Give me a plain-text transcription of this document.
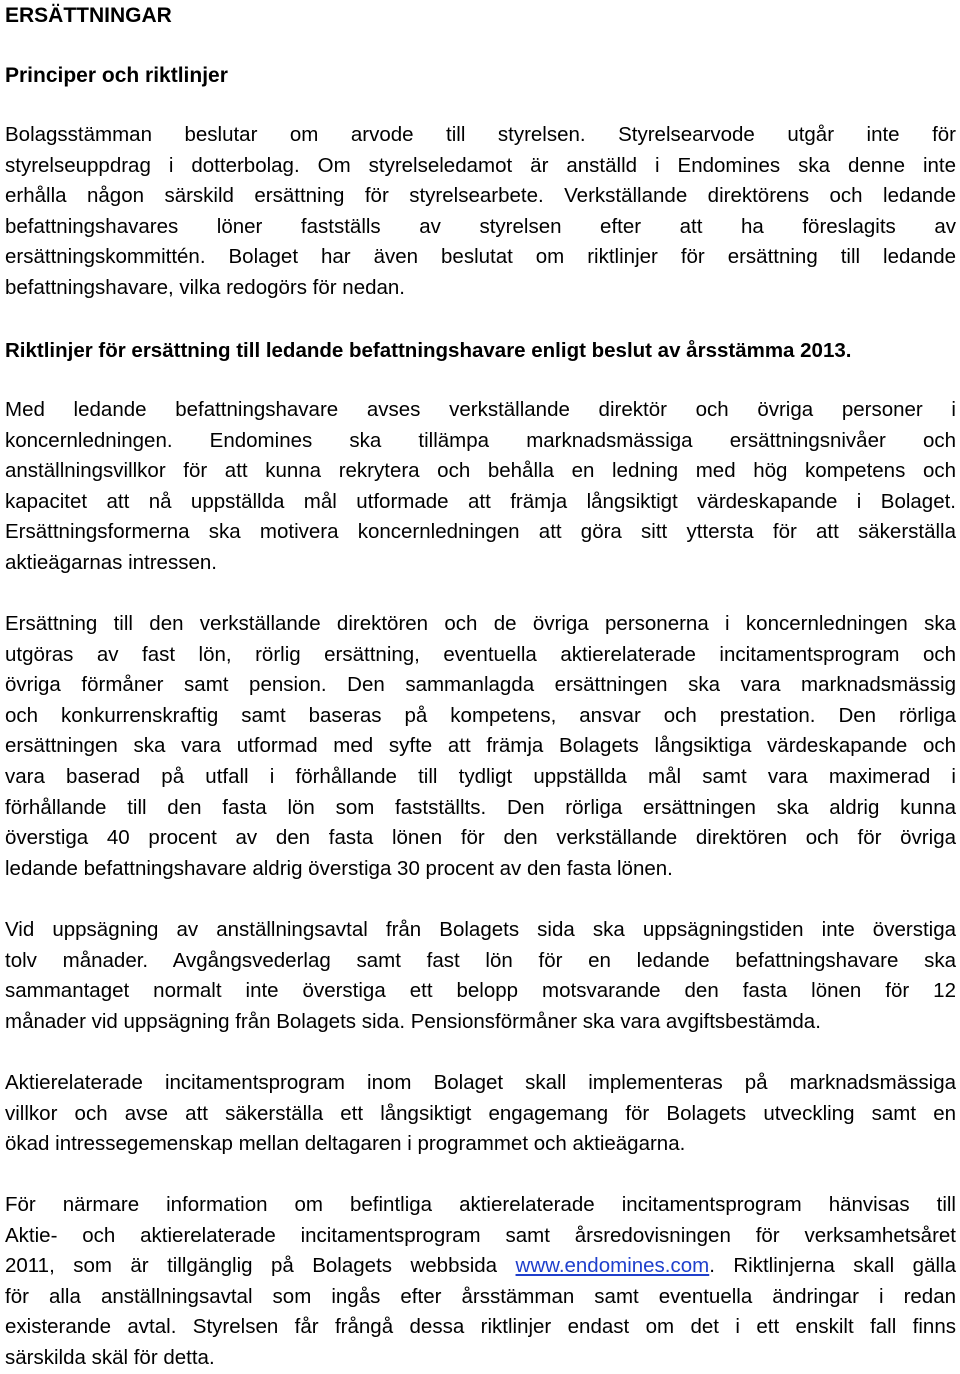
ERSÄTTNINGAR
Principer och riktlinjer
Bolagsstämman beslutar om arvode till styrelsen. Styrelsearvode utgår inte för
styrelseuppdrag i dotterbolag. Om styrelseledamot är anställd i Endomines ska denne inte
erhålla någon särskild ersättning för styrelsearbete. Verkställande direktörens och ledande
befattningshavares löner fastställs av styrelsen efter att ha föreslagits av
ersättningskommittén. Bolaget har även beslutat om riktlinjer för ersättning till ledande
befattningshavare, vilka redogörs för nedan.
Riktlinjer för ersättning till ledande befattningshavare enligt beslut av årsstämma 2013.
Med ledande befattningshavare avses verkställande direktör och övriga personer i
koncernledningen. Endomines ska tillämpa marknadsmässiga ersättningsnivåer och
anställningsvillkor för att kunna rekrytera och behålla en ledning med hög kompetens och
kapacitet att nå uppställda mål utformade att främja långsiktigt värdeskapande i Bolaget.
Ersättningsformerna ska motivera koncernledningen att göra sitt yttersta för att säkerställa
aktieägarnas intressen.
Ersättning till den verkställande direktören och de övriga personerna i koncernledningen ska
utgöras av fast lön, rörlig ersättning, eventuella aktierelaterade incitamentsprogram och
övriga förmåner samt pension. Den sammanlagda ersättningen ska vara marknadsmässig
och konkurrenskraftig samt baseras på kompetens, ansvar och prestation. Den rörliga
ersättningen ska vara utformad med syfte att främja Bolagets långsiktiga värdeskapande och
vara baserad på utfall i förhållande till tydligt uppställda mål samt vara maximerad i
förhållande till den fasta lön som fastställts. Den rörliga ersättningen ska aldrig kunna
överstiga 40 procent av den fasta lönen för den verkställande direktören och för övriga
ledande befattningshavare aldrig överstiga 30 procent av den fasta lönen.
Vid uppsägning av anställningsavtal från Bolagets sida ska uppsägningstiden inte överstiga
tolv månader. Avgångsvederlag samt fast lön för en ledande befattningshavare ska
sammantaget normalt inte överstiga ett belopp motsvarande den fasta lönen för 12
månader vid uppsägning från Bolagets sida. Pensionsförmåner ska vara avgiftsbestämda.
Aktierelaterade incitamentsprogram inom Bolaget skall implementeras på marknadsmässiga
villkor och avse att säkerställa ett långsiktigt engagemang för Bolagets utveckling samt en
ökad intressegemenskap mellan deltagaren i programmet och aktieägarna.
För närmare information om befintliga aktierelaterade incitamentsprogram hänvisas till
Aktie- och aktierelaterade incitamentsprogram samt årsredovisningen för verksamhetsåret
2011, som är tillgänglig på Bolagets webbsida www.endomines.com. Riktlinjerna skall gälla
för alla anställningsavtal som ingås efter årsstämman samt eventuella ändringar i redan
existerande avtal. Styrelsen får frångå dessa riktlinjer endast om det i ett enskilt fall finns
särskilda skäl för detta.
